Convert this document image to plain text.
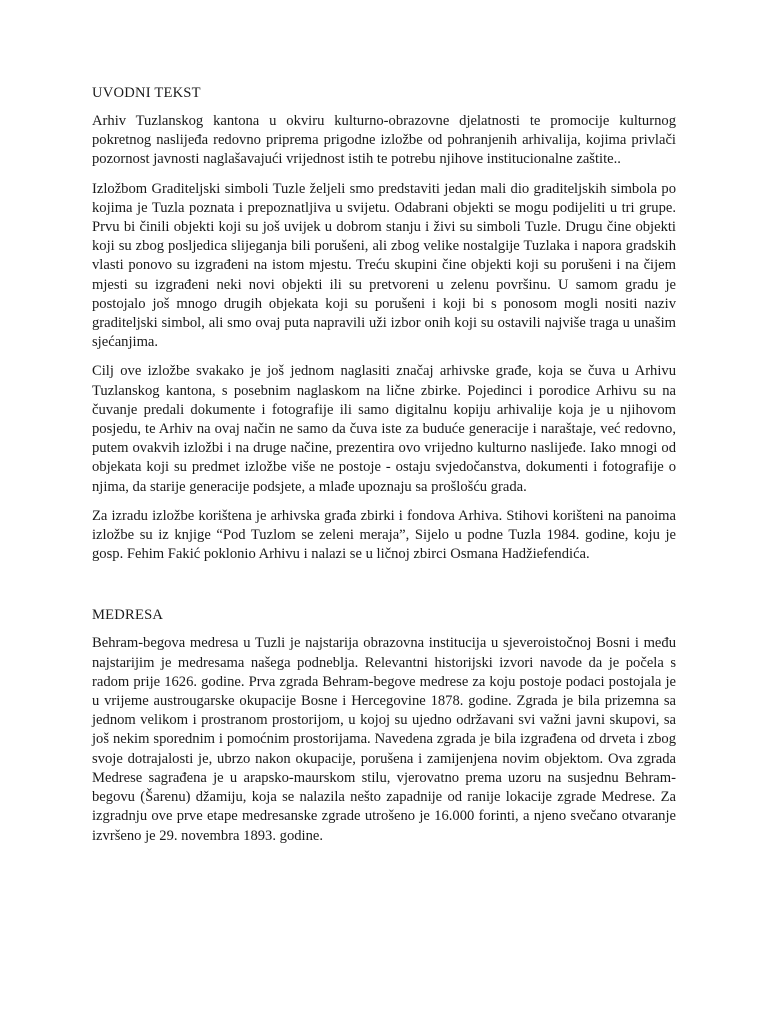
UVODNI TEKST

Arhiv Tuzlanskog kantona u okviru kulturno-obrazovne djelatnosti te promocije kulturnog pokretnog naslijeđa redovno priprema prigodne izložbe od pohranjenih arhivalija, kojima privlači pozornost javnosti naglašavajući vrijednost istih te potrebu njihove institucionalne zaštite..

Izložbom Graditeljski simboli Tuzle željeli smo predstaviti jedan mali dio graditeljskih simbola po kojima je Tuzla poznata i prepoznatljiva u svijetu. Odabrani objekti se mogu podijeliti u tri grupe. Prvu bi činili objekti koji su još uvijek u dobrom stanju i živi su simboli Tuzle. Drugu čine objekti koji su zbog posljedica slijeganja bili porušeni, ali zbog velike nostalgije Tuzlaka i napora gradskih vlasti ponovo su izgrađeni na istom mjestu. Treću skupini čine objekti koji su porušeni i na čijem mjesti su izgrađeni neki novi objekti ili su pretvoreni u zelenu površinu. U samom gradu je postojalo još mnogo drugih objekata koji su porušeni i koji bi s ponosom mogli nositi naziv graditeljski simbol, ali smo ovaj puta napravili uži izbor onih koji su ostavili najviše traga u unašim sjećanjima.

Cilj ove izložbe svakako je još jednom naglasiti značaj arhivske građe, koja se čuva u Arhivu Tuzlanskog kantona, s posebnim naglaskom na lične zbirke. Pojedinci i porodice Arhivu su na čuvanje predali dokumente i fotografije ili samo digitalnu kopiju arhivalije koja je u njihovom posjedu, te Arhiv na ovaj način ne samo da čuva iste za buduće generacije i naraštaje, već redovno, putem ovakvih izložbi i na druge načine, prezentira ovo vrijedno kulturno naslijeđe. Iako mnogi od objekata koji su predmet izložbe više ne postoje - ostaju svjedočanstva, dokumenti i fotografije o njima, da starije generacije podsjete, a mlađe upoznaju sa prošlošću grada.

Za izradu izložbe korištena je arhivska građa zbirki i fondova Arhiva. Stihovi korišteni na panoima izložbe su iz knjige “Pod Tuzlom se zeleni meraja”, Sijelo u podne Tuzla 1984. godine, koju je gosp. Fehim Fakić poklonio Arhivu i nalazi se u ličnoj zbirci Osmana Hadžiefendića.

MEDRESA

Behram-begova medresa u Tuzli je najstarija obrazovna institucija u sjeveroistočnoj Bosni i među najstarijim je medresama našega podneblja. Relevantni historijski izvori navode da je počela s radom prije 1626. godine. Prva zgrada Behram-begove medrese za koju postoje podaci postojala je u vrijeme austrougarske okupacije Bosne i Hercegovine 1878. godine. Zgrada je bila prizemna sa jednom velikom i prostranom prostorijom, u kojoj su ujedno održavani svi važni javni skupovi, sa još nekim sporednim i pomoćnim prostorijama. Navedena zgrada je bila izgrađena od drveta i zbog svoje dotrajalosti je, ubrzo nakon okupacije, porušena i zamijenjena novim objektom. Ova zgrada Medrese sagrađena je u arapsko-maurskom stilu, vjerovatno prema uzoru na susjednu Behram-begovu (Šarenu) džamiju, koja se nalazila nešto zapadnije od ranije lokacije zgrade Medrese. Za izgradnju ove prve etape medresanske zgrade utrošeno je 16.000 forinti, a njeno svečano otvaranje izvršeno je 29. novembra 1893. godine.
